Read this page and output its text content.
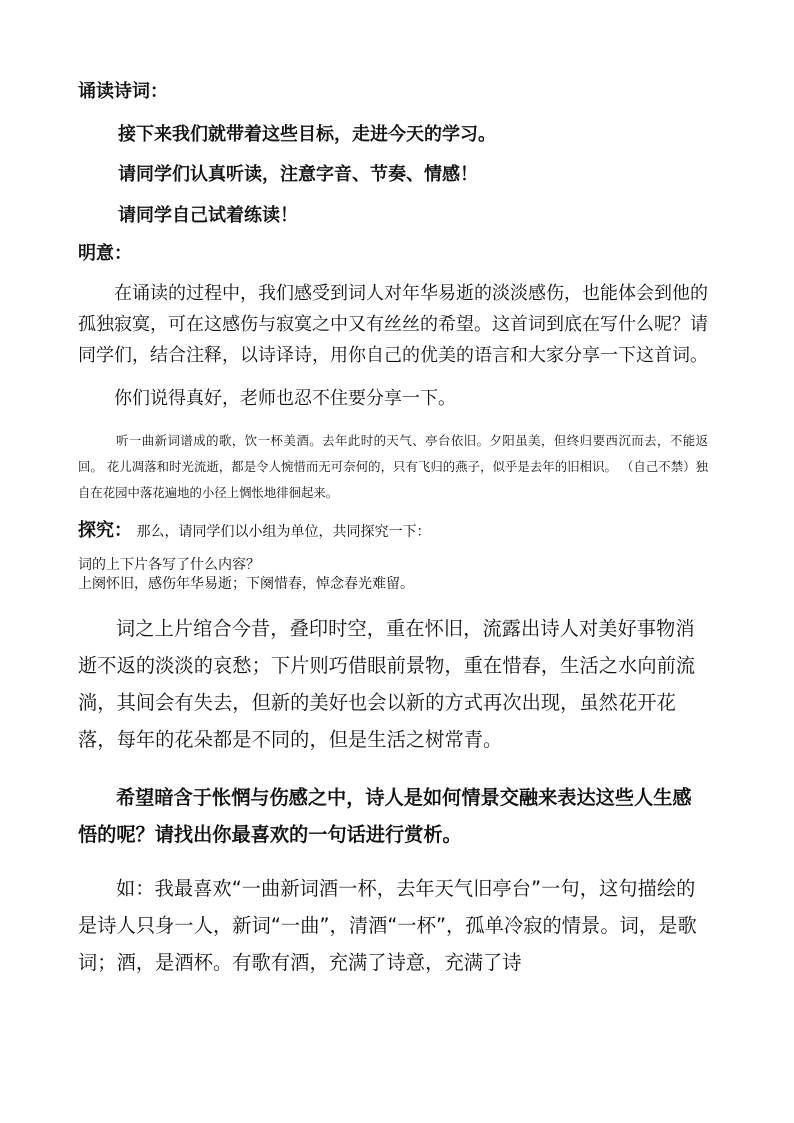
诵读诗词：

接下来我们就带着这些目标，走进今天的学习。

请同学们认真听读，注意字音、节奏、情感！

请同学自己试着练读！

明意：

在诵读的过程中，我们感受到词人对年华易逝的淡淡感伤，也能体会到他的孤独寂寞，可在这感伤与寂寞之中又有丝丝的希望。这首词到底在写什么呢？请同学们，结合注释，以诗译诗，用你自己的优美的语言和大家分享一下这首词。

你们说得真好，老师也忍不住要分享一下。

听一曲新词谱成的歌，饮一杯美酒。去年此时的天气、亭台依旧。夕阳虽美，但终归要西沉而去，不能返回。 花儿凋落和时光流逝，都是令人惋惜而无可奈何的，只有飞归的燕子，似乎是去年的旧相识。 （自己不禁）独自在花园中落花遍地的小径上惆怅地徘徊起来。

探究： 那么，请同学们以小组为单位，共同探究一下：

词的上下片各写了什么内容？

上阕怀旧，感伤年华易逝；下阕惜春，悼念春光难留。

词之上片绾合今昔，叠印时空，重在怀旧，流露出诗人对美好事物消逝不返的淡淡的哀愁；下片则巧借眼前景物，重在惜春，生活之水向前流淌，其间会有失去，但新的美好也会以新的方式再次出现，虽然花开花落，每年的花朵都是不同的，但是生活之树常青。

希望暗含于怅惘与伤感之中，诗人是如何情景交融来表达这些人生感悟的呢？请找出你最喜欢的一句话进行赏析。

如：我最喜欢“一曲新词酒一杯，去年天气旧亭台”一句，这句描绘的是诗人只身一人，新词“一曲”，清酒“一杯”，孤单冷寂的情景。词，是歌词；酒，是酒杯。有歌有酒，充满了诗意，充满了诗
